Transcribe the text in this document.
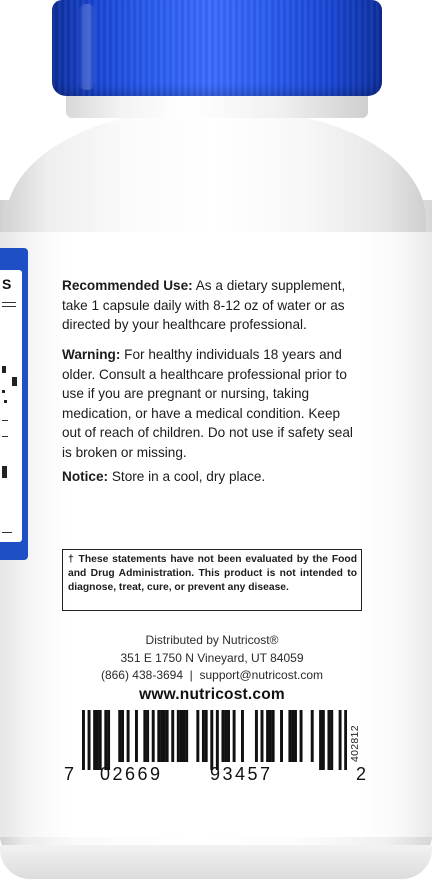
S	Recommended Use: As a dietary supplement, take 1 capsule daily with 8-12 oz of water or as directed by your healthcare professional.
Warning: For healthy individuals 18 years and older. Consult a healthcare professional prior to use if you are pregnant or nursing, taking medication, or have a medical condition. Keep out of reach of children. Do not use if safety seal is broken or missing.
Notice: Store in a cool, dry place.
† These statements have not been evaluated by the Food and Drug Administration. This product is not intended to diagnose, treat, cure, or prevent any disease.
Distributed by Nutricost®
351 E 1750 N Vineyard, UT 84059
(866) 438-3694  |  support@nutricost.com
www.nutricost.com
7 02669	93457	2
402812
